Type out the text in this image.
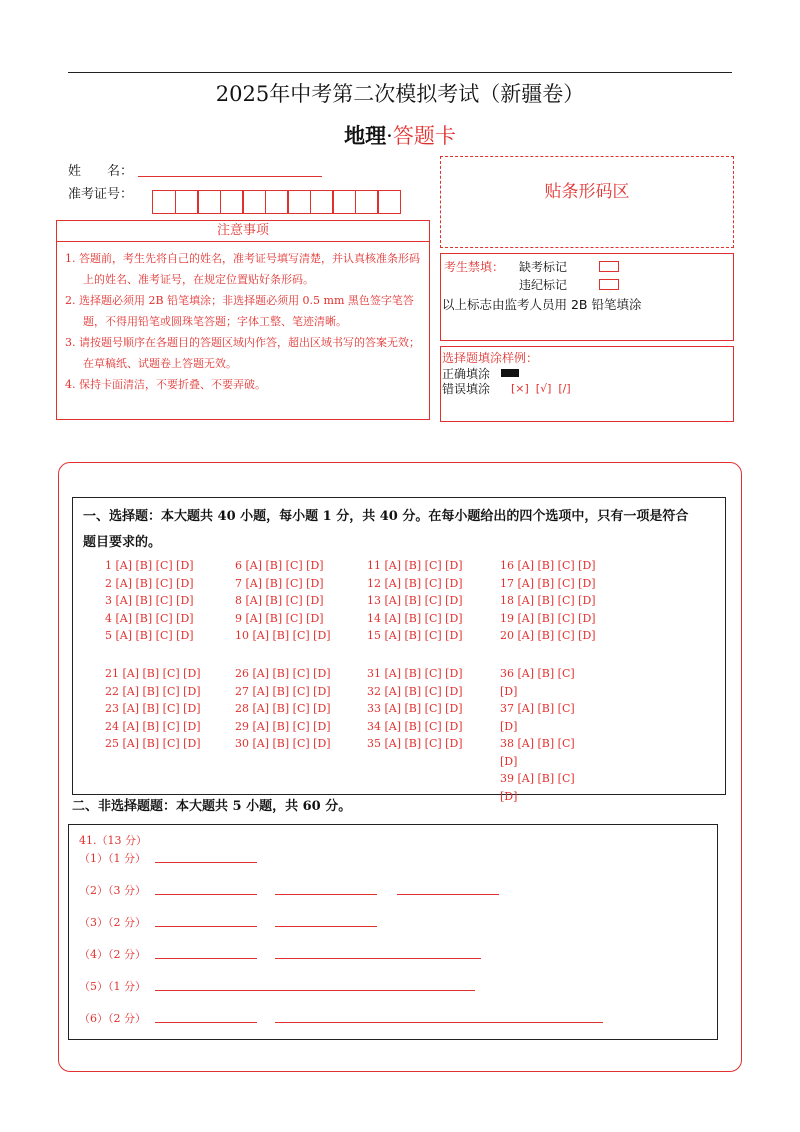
2025年中考第二次模拟考试（新疆卷）
地理·答题卡
姓　　名：
准考证号：
注意事项
1. 答题前，考生先将自己的姓名，准考证号填写清楚，并认真核准条形码上的姓名、准考证号，在规定位置贴好条形码。
2. 选择题必须用 2B 铅笔填涂；非选择题必须用 0.5 mm 黑色签字笔答题，不得用铅笔或圆珠笔答题；字体工整、笔迹清晰。
3. 请按题号顺序在各题目的答题区域内作答，超出区域书写的答案无效；在草稿纸、试题卷上答题无效。
4. 保持卡面清洁，不要折叠、不要弄破。
贴条形码区
考生禁填： 缺考标记
违纪标记
以上标志由监考人员用 2B 铅笔填涂
选择题填涂样例：
正确填涂
错误填涂 [×]  [√]  [/]
一、选择题：本大题共 40 小题，每小题 1 分，共 40 分。在每小题给出的四个选项中，只有一项是符合
题目要求的。
1 [A] [B] [C] [D]
2 [A] [B] [C] [D]
3 [A] [B] [C] [D]
4 [A] [B] [C] [D]
5 [A] [B] [C] [D]
6 [A] [B] [C] [D]
7 [A] [B] [C] [D]
8 [A] [B] [C] [D]
9 [A] [B] [C] [D]
10 [A] [B] [C] [D]
11 [A] [B] [C] [D]
12 [A] [B] [C] [D]
13 [A] [B] [C] [D]
14 [A] [B] [C] [D]
15 [A] [B] [C] [D]
16 [A] [B] [C] [D]
17 [A] [B] [C] [D]
18 [A] [B] [C] [D]
19 [A] [B] [C] [D]
20 [A] [B] [C] [D]
21 [A] [B] [C] [D]
22 [A] [B] [C] [D]
23 [A] [B] [C] [D]
24 [A] [B] [C] [D]
25 [A] [B] [C] [D]
26 [A] [B] [C] [D]
27 [A] [B] [C] [D]
28 [A] [B] [C] [D]
29 [A] [B] [C] [D]
30 [A] [B] [C] [D]
31 [A] [B] [C] [D]
32 [A] [B] [C] [D]
33 [A] [B] [C] [D]
34 [A] [B] [C] [D]
35 [A] [B] [C] [D]
36 [A] [B] [C]
[D]
37 [A] [B] [C]
[D]
38 [A] [B] [C]
[D]
39 [A] [B] [C]
[D]
二、非选择题题：本大题共 5 小题，共 60 分。
41.（13 分）
（1）（1 分）
（2）（3 分）
（3）（2 分）
（4）（2 分）
（5）（1 分）
（6）（2 分）
